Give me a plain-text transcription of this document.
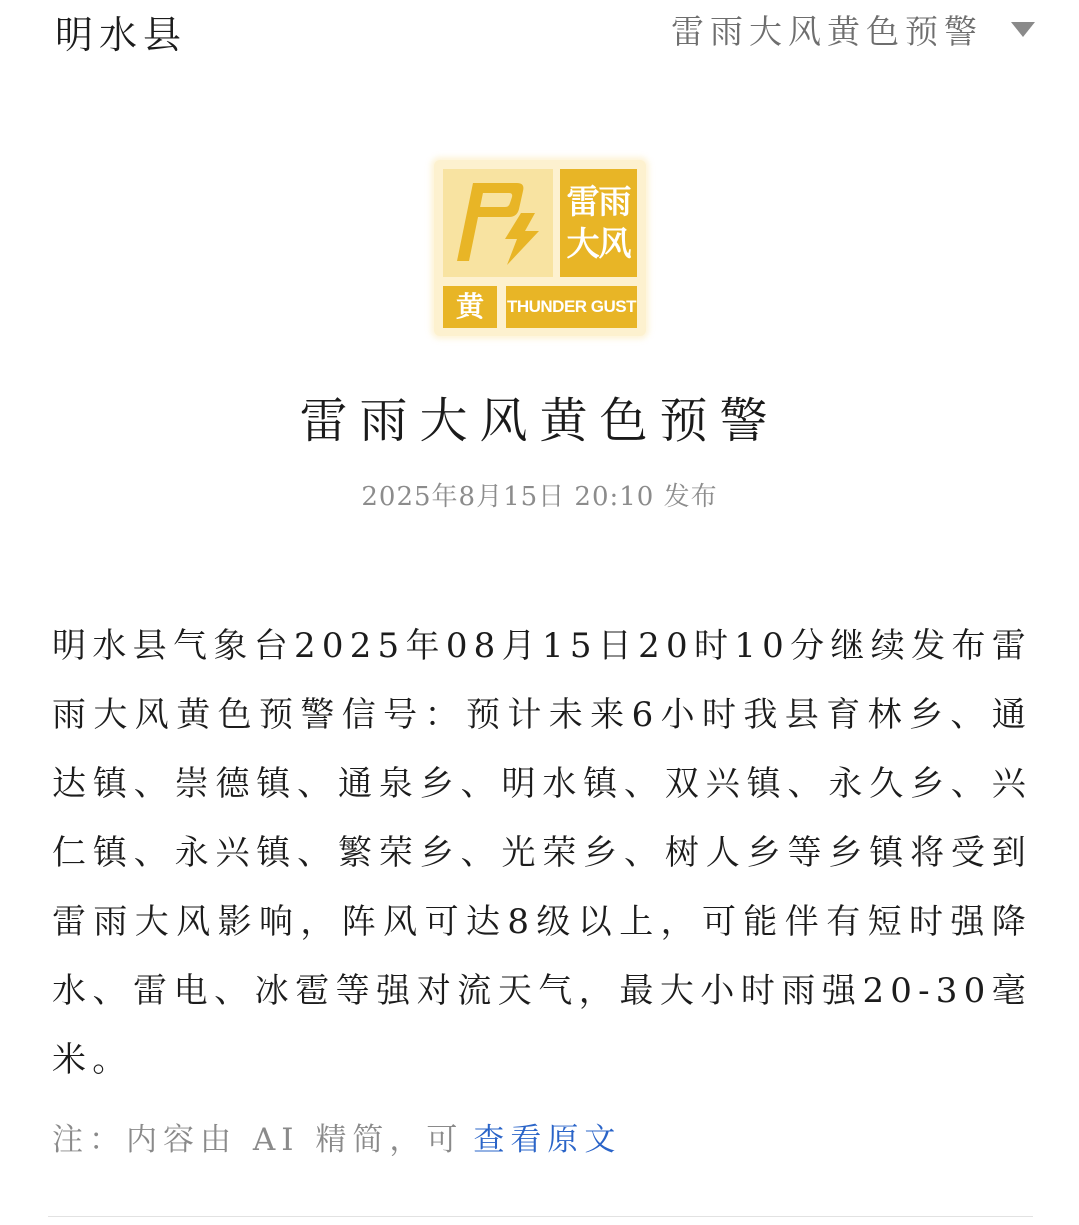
明水县	雷雨大风黄色预警
雷雨
大风
黄	THUNDER GUST
雷雨大风黄色预警
2025年8月15日 20:10 发布
明水县气象台2025年08月15日20时10分继续发布雷雨大风黄色预警信号：预计未来6小时我县育林乡、通达镇、崇德镇、通泉乡、明水镇、双兴镇、永久乡、兴仁镇、永兴镇、繁荣乡、光荣乡、树人乡等乡镇将受到雷雨大风影响，阵风可达8级以上，可能伴有短时强降水、雷电、冰雹等强对流天气，最大小时雨强20-30毫米。
注：内容由 AI 精简，可 查看原文
